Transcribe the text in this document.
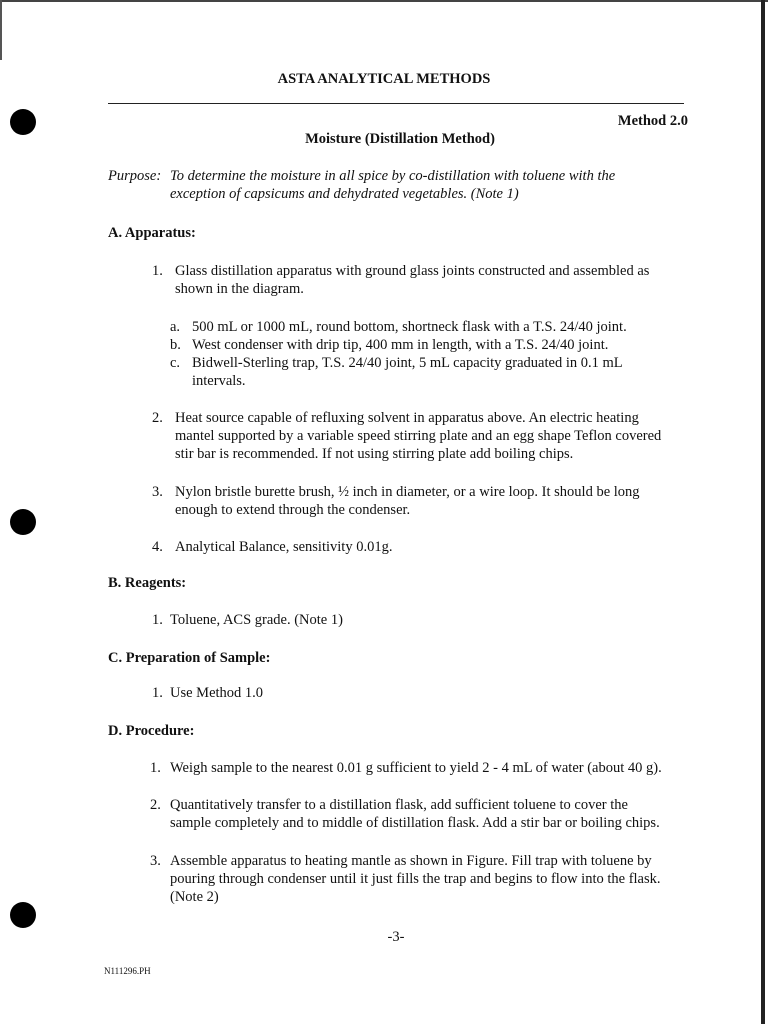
ASTA ANALYTICAL METHODS
Method 2.0
Moisture (Distillation Method)
Purpose: To determine the moisture in all spice by co-distillation with toluene with the
exception of capsicums and dehydrated vegetables. (Note 1)
A. Apparatus:
1. Glass distillation apparatus with ground glass joints constructed and assembled as
shown in the diagram.
a. 500 mL or 1000 mL, round bottom, shortneck flask with a T.S. 24/40 joint.
b. West condenser with drip tip, 400 mm in length, with a T.S. 24/40 joint.
c. Bidwell-Sterling trap, T.S. 24/40 joint, 5 mL capacity graduated in 0.1 mL
intervals.
2. Heat source capable of refluxing solvent in apparatus above. An electric heating
mantel supported by a variable speed stirring plate and an egg shape Teflon covered
stir bar is recommended. If not using stirring plate add boiling chips.
3. Nylon bristle burette brush, ½ inch in diameter, or a wire loop. It should be long
enough to extend through the condenser.
4. Analytical Balance, sensitivity 0.01g.
B. Reagents:
1. Toluene, ACS grade. (Note 1)
C. Preparation of Sample:
1. Use Method 1.0
D. Procedure:
1. Weigh sample to the nearest 0.01 g sufficient to yield 2 - 4 mL of water (about 40 g).
2. Quantitatively transfer to a distillation flask, add sufficient toluene to cover the
sample completely and to middle of distillation flask. Add a stir bar or boiling chips.
3. Assemble apparatus to heating mantle as shown in Figure. Fill trap with toluene by
pouring through condenser until it just fills the trap and begins to flow into the flask.
(Note 2)
-3-
N111296.PH
